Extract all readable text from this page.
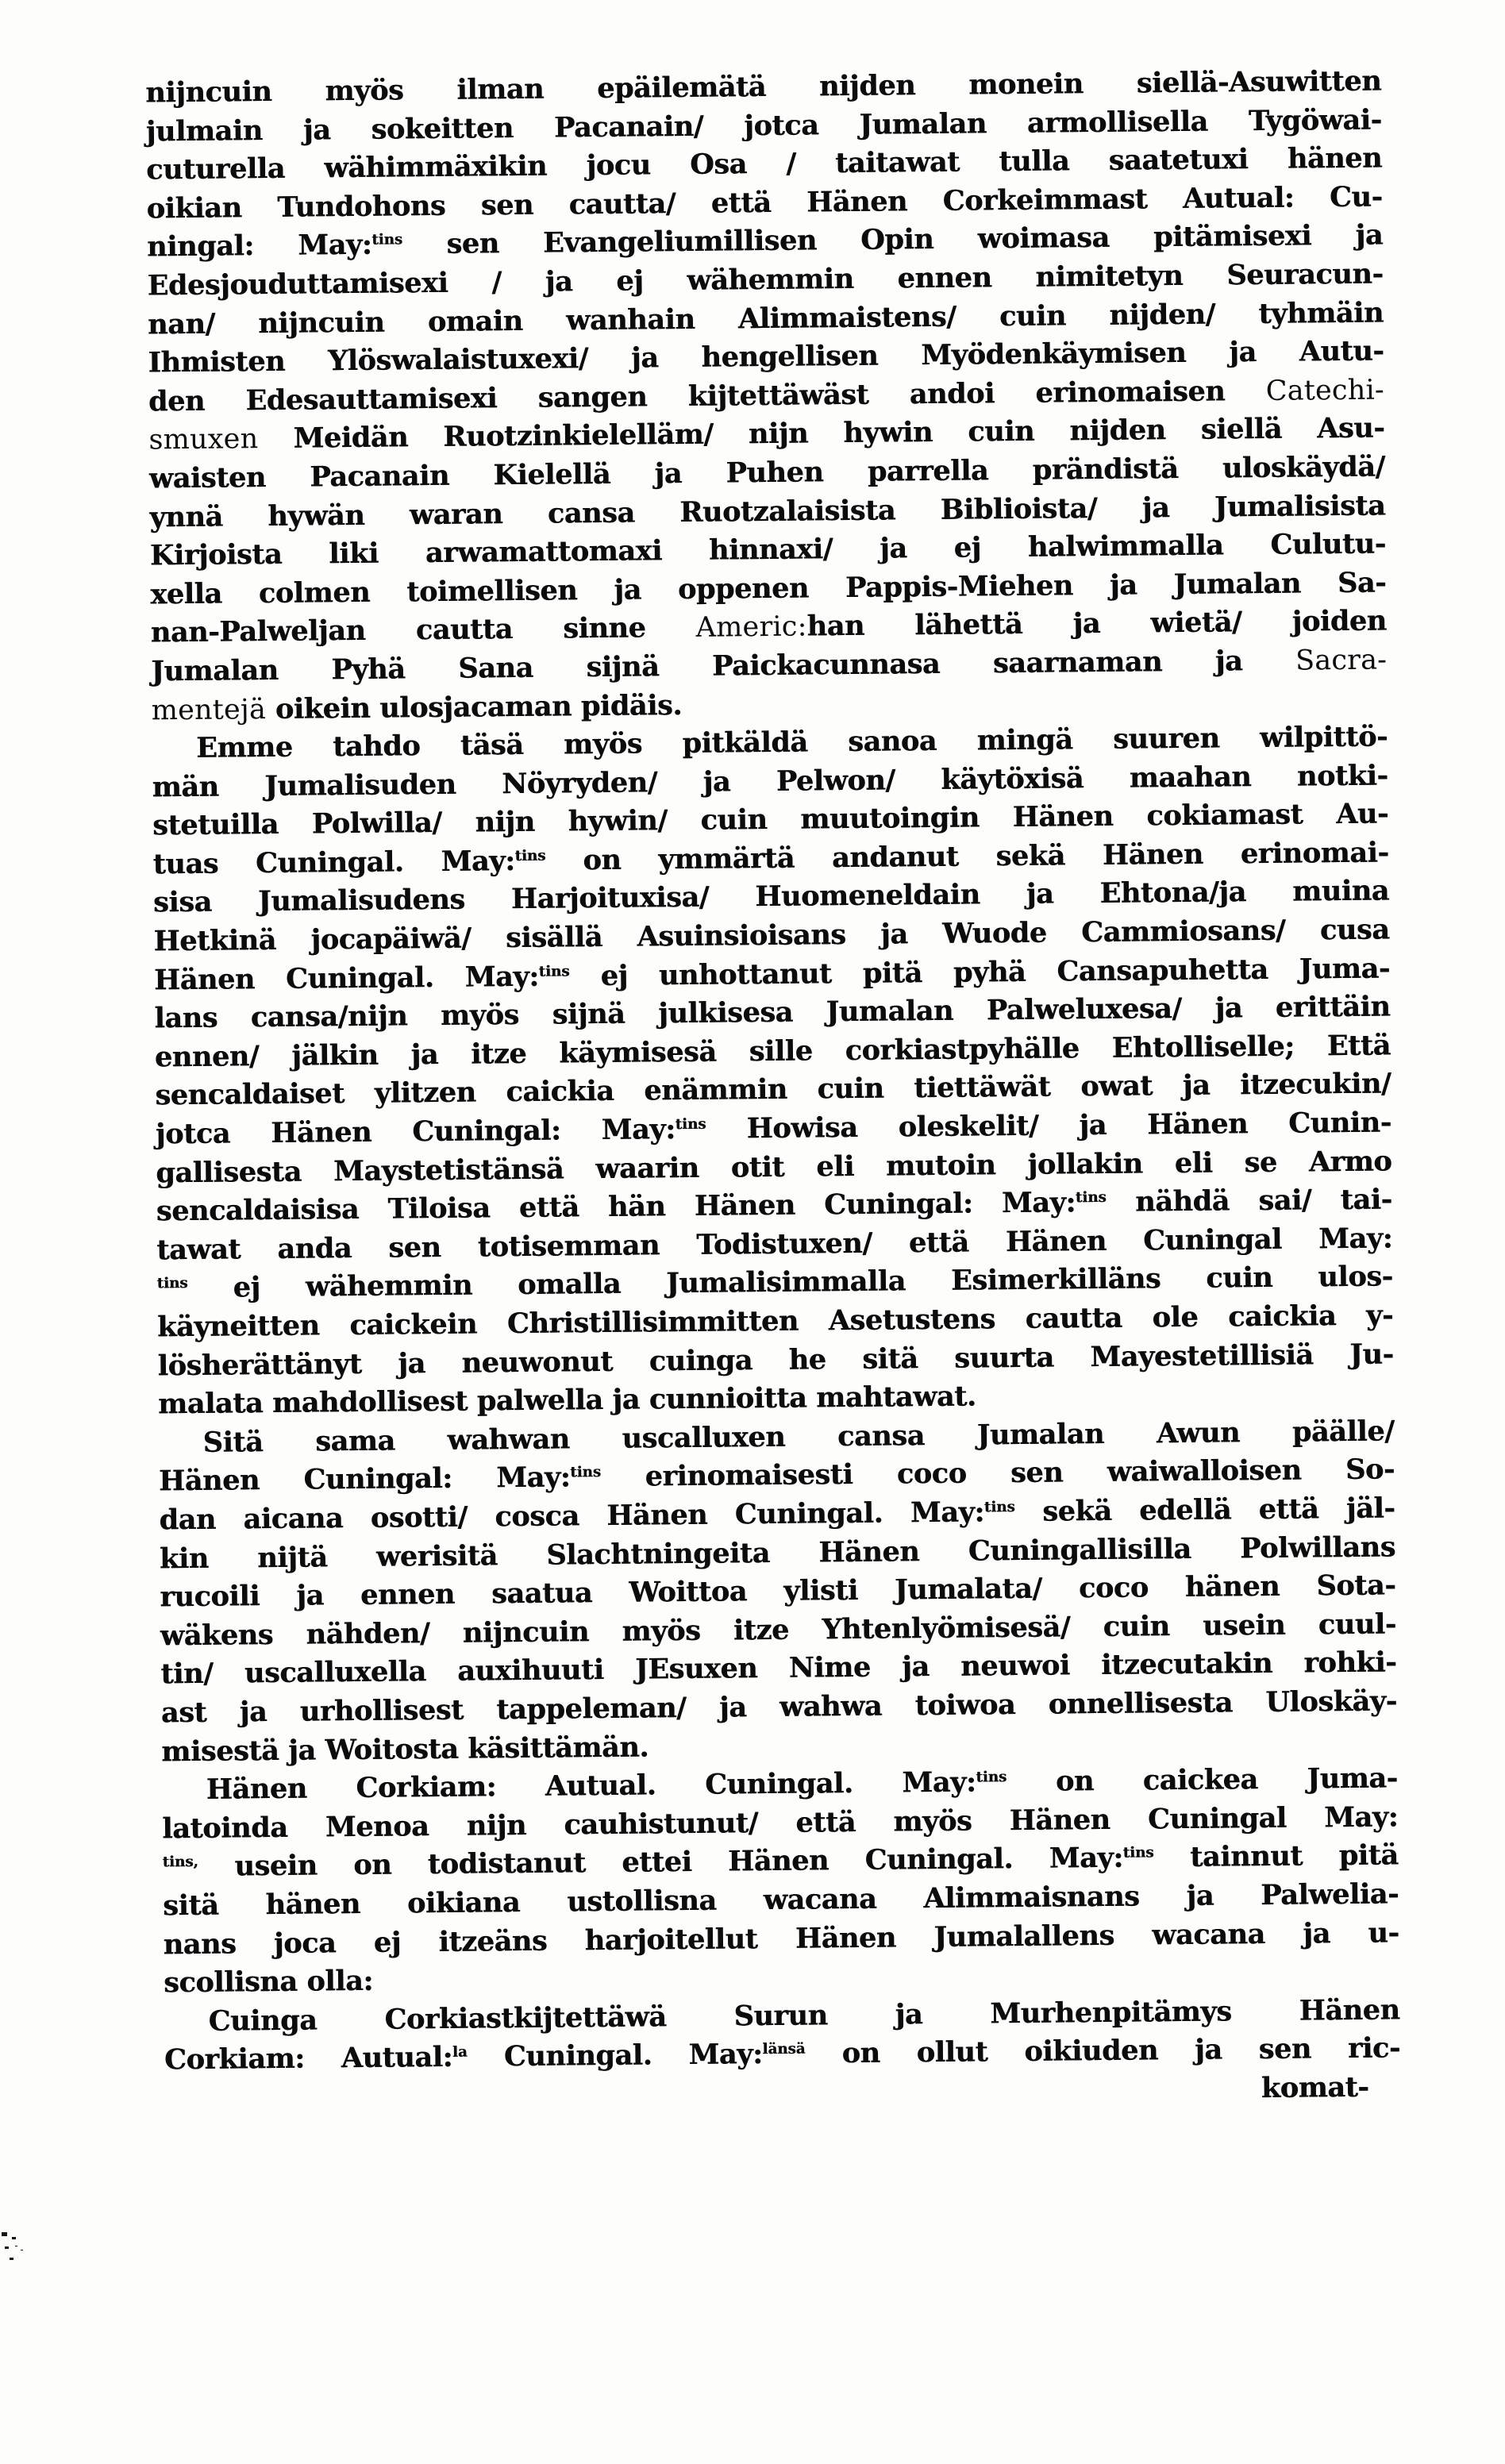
nijncuin myös ilman epäilemätä nijden monein siellä-Asuwitten
julmain ja sokeitten Pacanain/ jotca Jumalan armollisella Tygöwai-
cuturella wähimmäxikin jocu Osa / taitawat tulla saatetuxi hänen
oikian Tundohons sen cautta/ että Hänen Corkeimmast Autual: Cu-
ningal: May:$^{tins}$ sen Evangeliumillisen Opin woimasa pitämisexi ja
Edesjouduttamisexi / ja ej wähemmin ennen nimitetyn Seuracun-
nan/ nijncuin omain wanhain Alimmaistens/ cuin nijden/ tyhmäin
Ihmisten Ylöswalaistuxexi/ ja hengellisen Myödenkäymisen ja Autu-
den Edesauttamisexi sangen kijtettäwäst andoi erinomaisen Catechi-
smuxen Meidän Ruotzinkielelläm/ nijn hywin cuin nijden siellä Asu-
waisten Pacanain Kielellä ja Puhen parrella prändistä uloskäydä/
ynnä hywän waran cansa Ruotzalaisista Biblioista/ ja Jumalisista
Kirjoista liki arwamattomaxi hinnaxi/ ja ej halwimmalla Culutu-
xella colmen toimellisen ja oppenen Pappis-Miehen ja Jumalan Sa-
nan-Palweljan cautta sinne Americ:han lähettä ja wietä/ joiden
Jumalan Pyhä Sana sijnä Paickacunnasa saarnaman ja Sacra-
mentejä oikein ulosjacaman pidäis.
Emme tahdo täsä myös pitkäldä sanoa mingä suuren wilpittö-
män Jumalisuden Nöyryden/ ja Pelwon/ käytöxisä maahan notki-
stetuilla Polwilla/ nijn hywin/ cuin muutoingin Hänen cokiamast Au-
tuas Cuningal. May:$^{tins}$ on ymmärtä andanut sekä Hänen erinomai-
sisa Jumalisudens Harjoituxisa/ Huomeneldain ja Ehtona/ja muina
Hetkinä jocapäiwä/ sisällä Asuinsioisans ja Wuode Cammiosans/ cusa
Hänen Cuningal. May:$^{tins}$ ej unhottanut pitä pyhä Cansapuhetta Juma-
lans cansa/nijn myös sijnä julkisesa Jumalan Palweluxesa/ ja erittäin
ennen/ jälkin ja itze käymisesä sille corkiastpyhälle Ehtolliselle; Että
sencaldaiset ylitzen caickia enämmin cuin tiettäwät owat ja itzecukin/
jotca Hänen Cuningal: May:$^{tins}$ Howisa oleskelit/ ja Hänen Cunin-
gallisesta Maystetistänsä waarin otit eli mutoin jollakin eli se Armo
sencaldaisisa Tiloisa että hän Hänen Cuningal: May:$^{tins}$ nähdä sai/ tai-
tawat anda sen totisemman Todistuxen/ että Hänen Cuningal May:
$^{tins}$ ej wähemmin omalla Jumalisimmalla Esimerkilläns cuin ulos-
käyneitten caickein Christillisimmitten Asetustens cautta ole caickia y-
lösherättänyt ja neuwonut cuinga he sitä suurta Mayestetillisiä Ju-
malata mahdollisest palwella ja cunnioitta mahtawat.
Sitä sama wahwan uscalluxen cansa Jumalan Awun päälle/
Hänen Cuningal: May:$^{tins}$ erinomaisesti coco sen waiwalloisen So-
dan aicana osotti/ cosca Hänen Cuningal. May:$^{tins}$ sekä edellä että jäl-
kin nijtä werisitä Slachtningeita Hänen Cuningallisilla Polwillans
rucoili ja ennen saatua Woittoa ylisti Jumalata/ coco hänen Sota-
wäkens nähden/ nijncuin myös itze Yhtenlyömisesä/ cuin usein cuul-
tin/ uscalluxella auxihuuti JEsuxen Nime ja neuwoi itzecutakin rohki-
ast ja urhollisest tappeleman/ ja wahwa toiwoa onnellisesta Uloskäy-
misestä ja Woitosta käsittämän.
Hänen Corkiam: Autual. Cuningal. May:$^{tins}$ on caickea Juma-
latoinda Menoa nijn cauhistunut/ että myös Hänen Cuningal May:
$^{tins,}$ usein on todistanut ettei Hänen Cuningal. May:$^{tins}$ tainnut pitä
sitä hänen oikiana ustollisna wacana Alimmaisnans ja Palwelia-
nans joca ej itzeäns harjoitellut Hänen Jumalallens wacana ja u-
scollisna olla:
Cuinga Corkiastkijtettäwä Surun ja Murhenpitämys Hänen
Corkiam: Autual:$^{la}$ Cuningal. May:$^{länsä}$ on ollut oikiuden ja sen ric-
komat-
